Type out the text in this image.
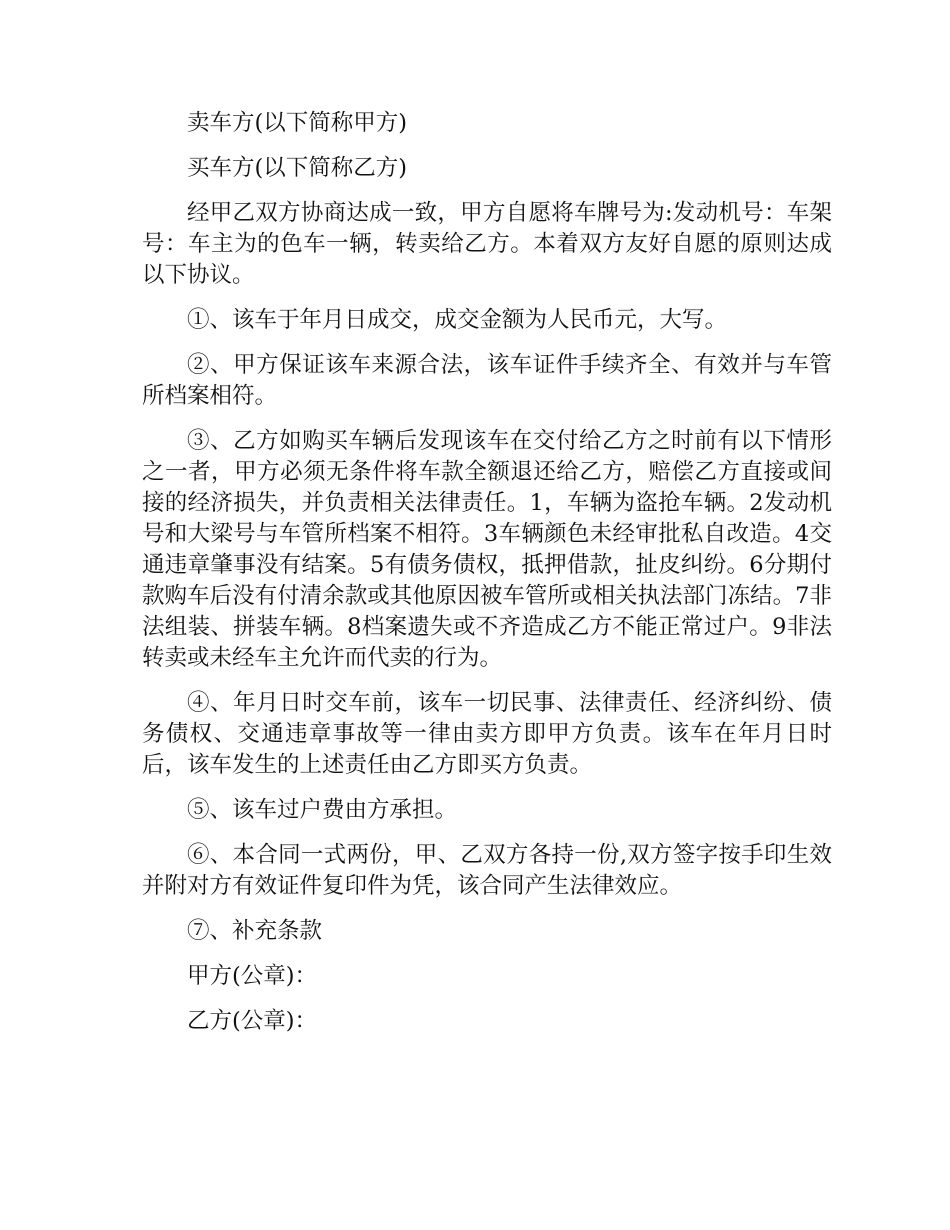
卖车方(以下简称甲方)

买车方(以下简称乙方)

经甲乙双方协商达成一致，甲方自愿将车牌号为:发动机号：车架号：车主为的色车一辆，转卖给乙方。本着双方友好自愿的原则达成以下协议。

①、该车于年月日成交，成交金额为人民币元，大写。

②、甲方保证该车来源合法，该车证件手续齐全、有效并与车管所档案相符。

③、乙方如购买车辆后发现该车在交付给乙方之时前有以下情形之一者，甲方必须无条件将车款全额退还给乙方，赔偿乙方直接或间接的经济损失，并负责相关法律责任。1，车辆为盗抢车辆。2发动机号和大梁号与车管所档案不相符。3车辆颜色未经审批私自改造。4交通违章肇事没有结案。5有债务债权，抵押借款，扯皮纠纷。6分期付款购车后没有付清余款或其他原因被车管所或相关执法部门冻结。7非法组装、拼装车辆。8档案遗失或不齐造成乙方不能正常过户。9非法转卖或未经车主允许而代卖的行为。

④、年月日时交车前，该车一切民事、法律责任、经济纠纷、债务债权、交通违章事故等一律由卖方即甲方负责。该车在年月日时后，该车发生的上述责任由乙方即买方负责。

⑤、该车过户费由方承担。

⑥、本合同一式两份，甲、乙双方各持一份,双方签字按手印生效并附对方有效证件复印件为凭，该合同产生法律效应。

⑦、补充条款

甲方(公章)：

乙方(公章)：
